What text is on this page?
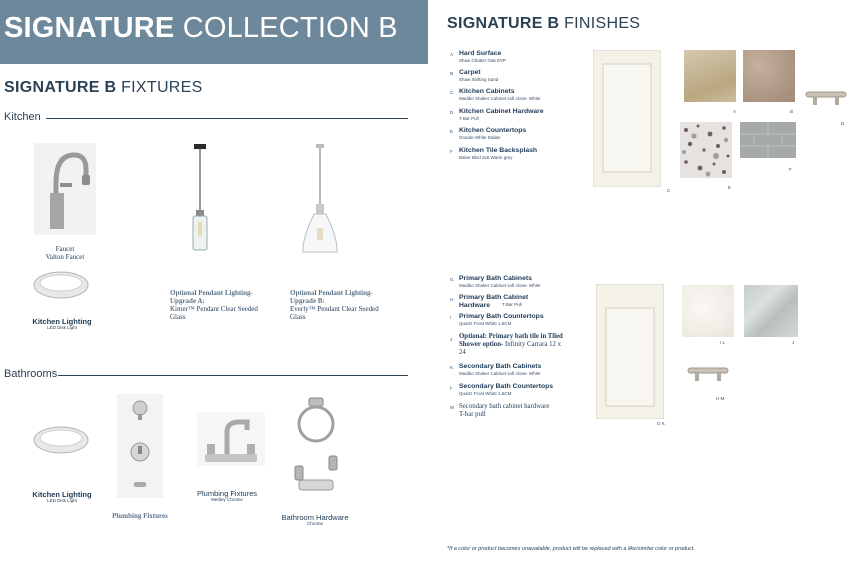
SIGNATURE COLLECTION B
SIGNATURE B FIXTURES
Kitchen
Faucet
Valton Faucet
Kitchen Lighting
LED Disk Light
Optional Pendant Lighting- Upgrade A:
Kimer™ Pendant Clear Seeded Glass
Optional Pendant Lighting- Upgrade B:
Everly™ Pendant Clear Seeded Glass
Bathrooms
Kitchen Lighting
LED Disk Light
Plumbing Fixtures
Plumbing Fixtures
Medley Chrome
Bathroom Hardware
Chrome
SIGNATURE B FINISHES
A Hard Surface
Shaw Chatter Oak EVP
B Carpet
Shaw Shifting Sand
C Kitchen Cabinets
Maddie Shaker Cabinet soft close- White
D Kitchen Cabinet Hardware
T Bar Pull
E Kitchen Countertops
Granite White Dallas
F Kitchen Tile Backsplash
Baker Blvd 3x6 Warm grey
C
A	B
D
E
F
G Primary Bath Cabinets
Maddie Shaker Cabinet soft close- White
H Primary Bath Cabinet Hardware	T Bar Pull
I Primary Bath Countertops
Quartz Frost White 1.5CM
J Optional: Primary bath tile in Tiled Shower option- Infinity Carrara 12 x 24
K Secondary Bath Cabinets
Maddie Shaker Cabinet soft close- White
L Secondary Bath Countertops
Quartz Frost White 1.5CM
M Secondary bath cabinet hardware T-bar pull
G K
I L	J
H M
*If a color or product becomes unavailable, product will be replaced with a like/similar color or product.
